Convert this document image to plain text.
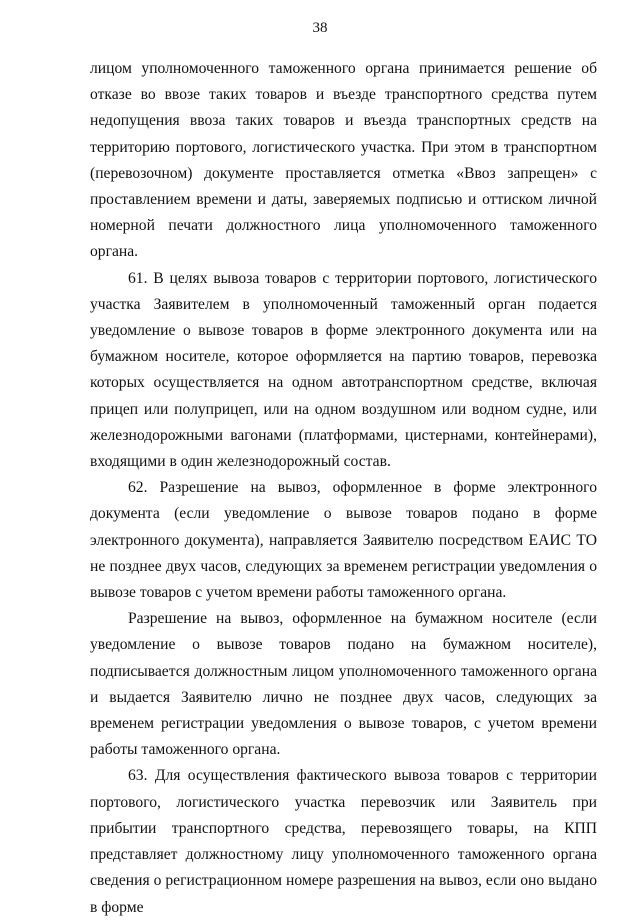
38

лицом уполномоченного таможенного органа принимается решение об отказе во ввозе таких товаров и въезде транспортного средства путем недопущения ввоза таких товаров и въезда транспортных средств на территорию портового, логистического участка. При этом в транспортном (перевозочном) документе проставляется отметка «Ввоз запрещен» с проставлением времени и даты, заверяемых подписью и оттиском личной номерной печати должностного лица уполномоченного таможенного органа.

61. В целях вывоза товаров с территории портового, логистического участка Заявителем в уполномоченный таможенный орган подается уведомление о вывозе товаров в форме электронного документа или на бумажном носителе, которое оформляется на партию товаров, перевозка которых осуществляется на одном автотранспортном средстве, включая прицеп или полуприцеп, или на одном воздушном или водном судне, или железнодорожными вагонами (платформами, цистернами, контейнерами), входящими в один железнодорожный состав.

62. Разрешение на вывоз, оформленное в форме электронного документа (если уведомление о вывозе товаров подано в форме электронного документа), направляется Заявителю посредством ЕАИС ТО не позднее двух часов, следующих за временем регистрации уведомления о вывозе товаров с учетом времени работы таможенного органа.

Разрешение на вывоз, оформленное на бумажном носителе (если уведомление о вывозе товаров подано на бумажном носителе), подписывается должностным лицом уполномоченного таможенного органа и выдается Заявителю лично не позднее двух часов, следующих за временем регистрации уведомления о вывозе товаров, с учетом времени работы таможенного органа.

63. Для осуществления фактического вывоза товаров с территории портового, логистического участка перевозчик или Заявитель при прибытии транспортного средства, перевозящего товары, на КПП представляет должностному лицу уполномоченного таможенного органа сведения о регистрационном номере разрешения на вывоз, если оно выдано в форме
